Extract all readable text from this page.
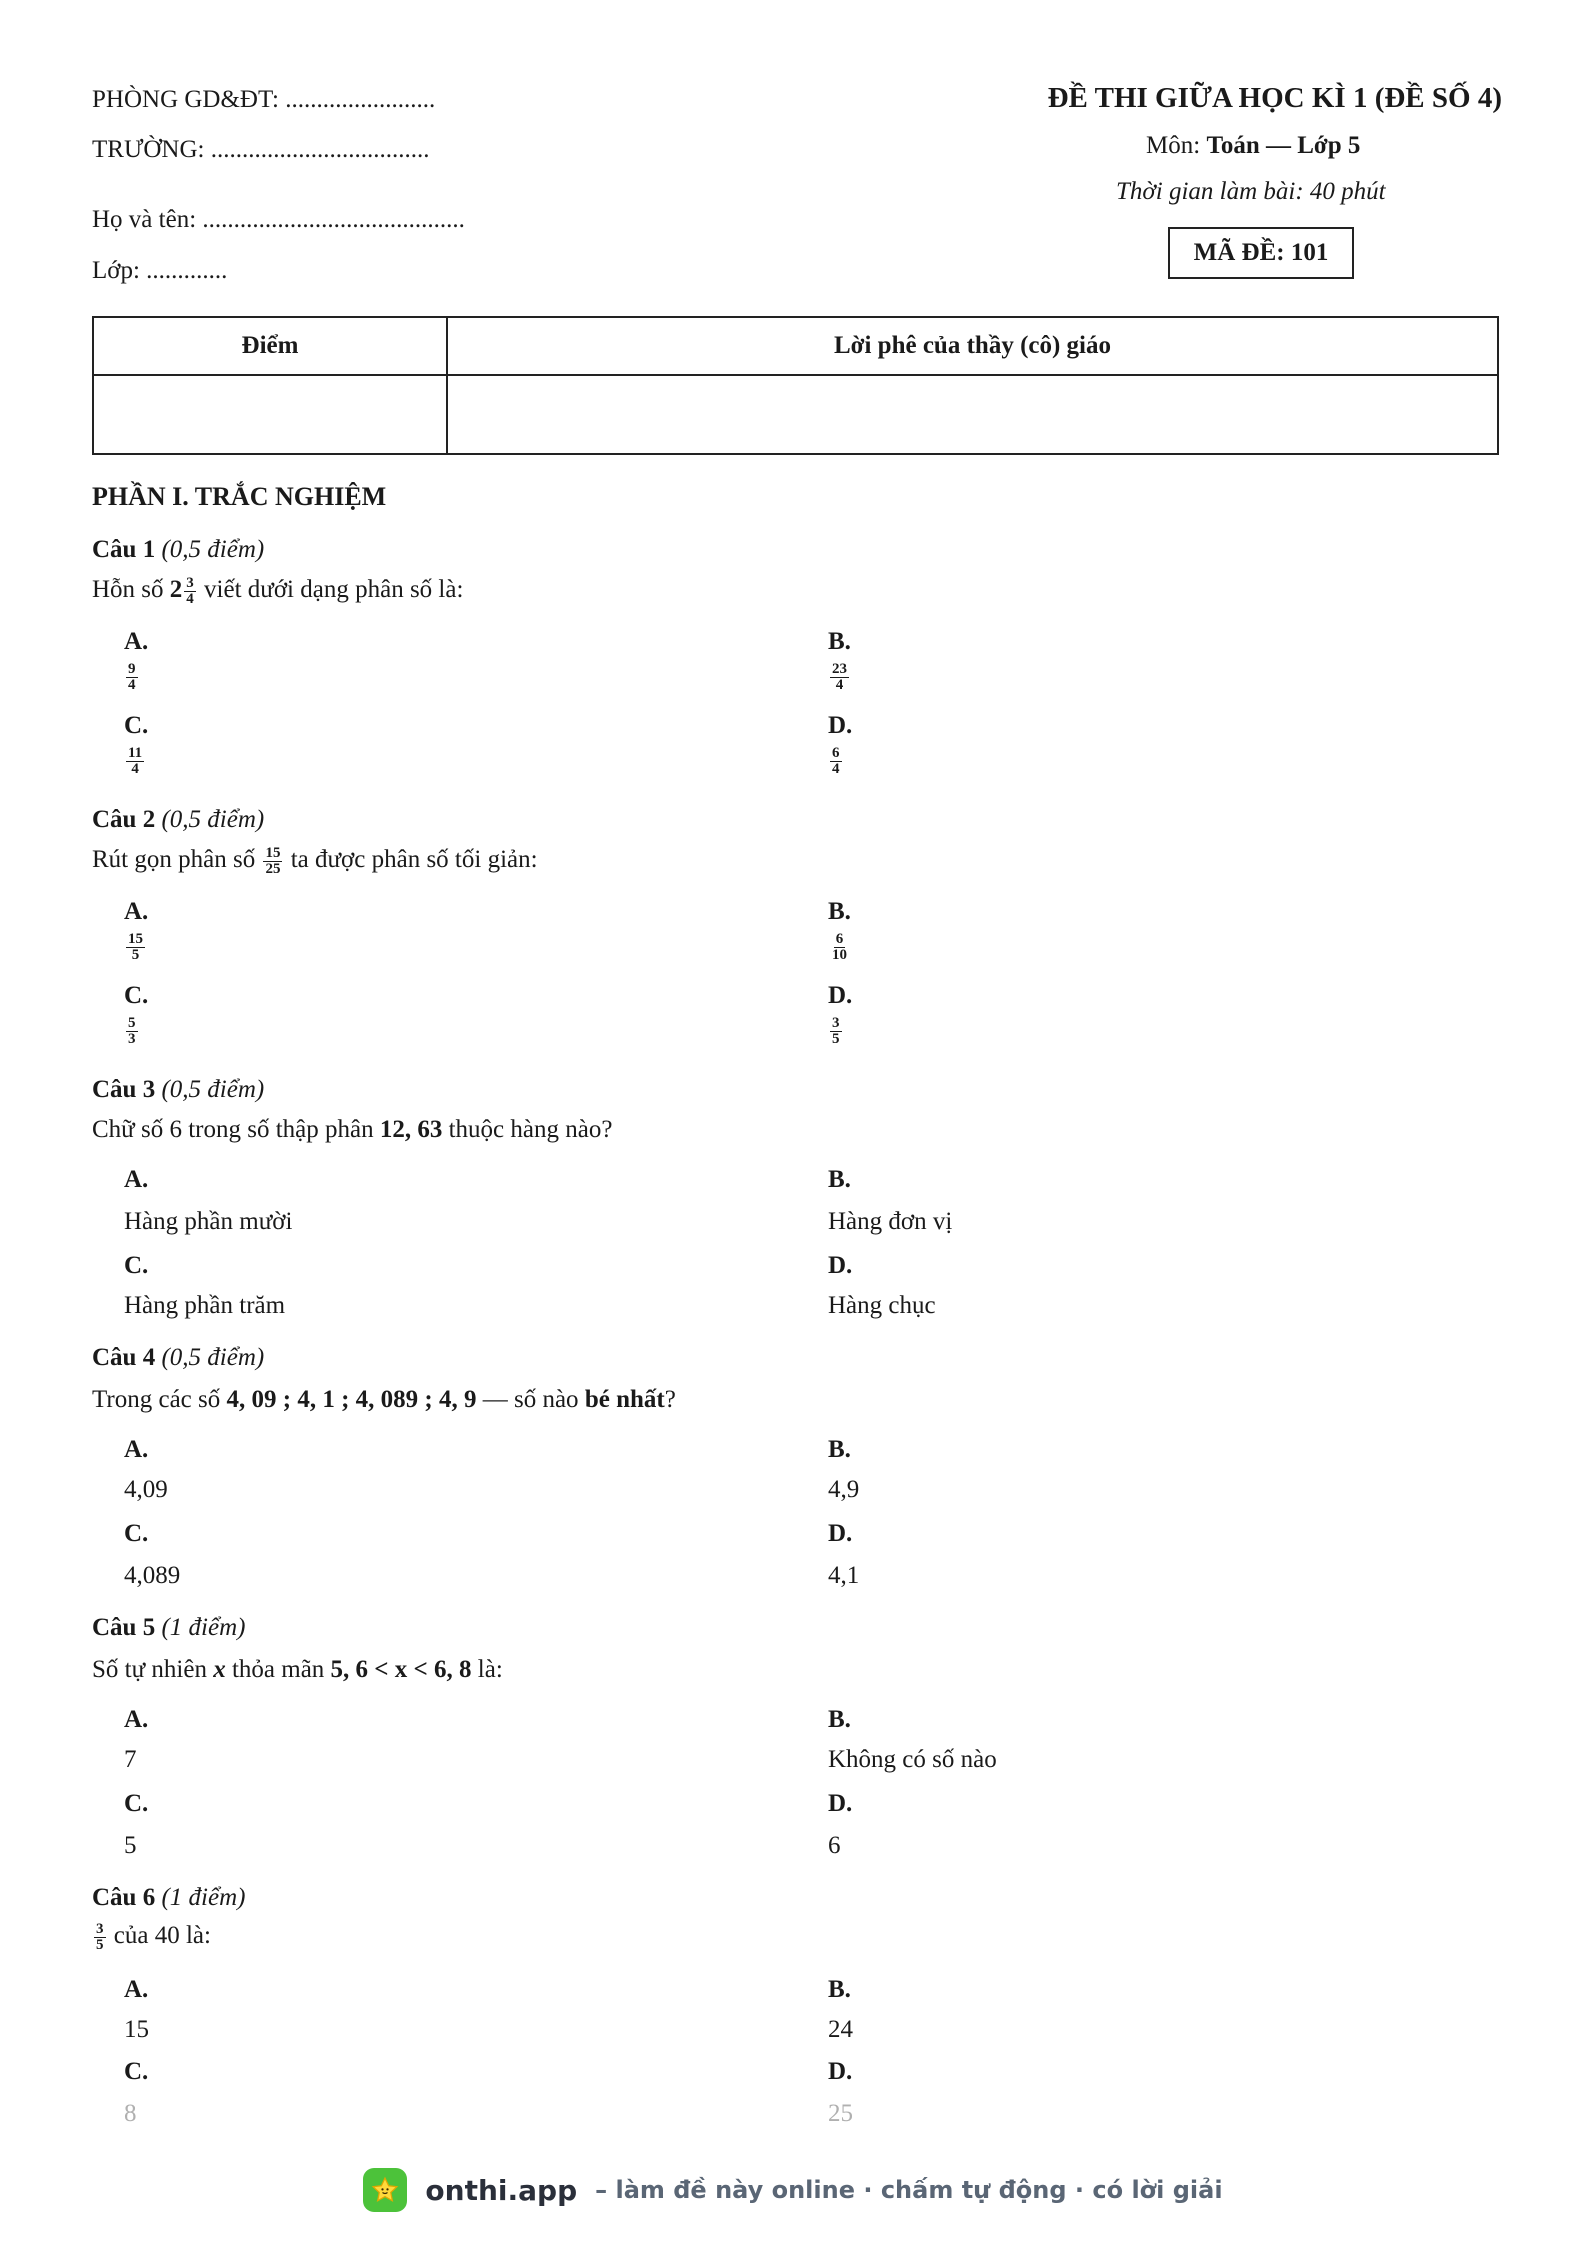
PHÒNG GD&ĐT: ........................
TRƯỜNG: ...................................
Họ và tên: ..........................................
Lớp: .............
ĐỀ THI GIỮA HỌC KÌ 1 (ĐỀ SỐ 4)
Môn: Toán — Lớp 5
Thời gian làm bài: 40 phút
MÃ ĐỀ: 101
Điểm	Lời phê của thầy (cô) giáo

PHẦN I. TRẮC NGHIỆM
Câu 1 (0,5 điểm)
Hỗn số $2 \frac{3}{4}$ viết dưới dạng phân số là:
A.
$\frac{9}{4}$
B.
$\frac{23}{4}$
C.
$\frac{11}{4}$
D.
$\frac{6}{4}$
Câu 2 (0,5 điểm)
Rút gọn phân số $\frac{15}{25}$ ta được phân số tối giản:
A.
$\frac{15}{5}$
B.
$\frac{6}{10}$
C.
$\frac{5}{3}$
D.
$\frac{3}{5}$
Câu 3 (0,5 điểm)
Chữ số 6 trong số thập phân 12, 63 thuộc hàng nào?
A.
Hàng phần mười
B.
Hàng đơn vị
C.
Hàng phần trăm
D.
Hàng chục
Câu 4 (0,5 điểm)
Trong các số 4, 09 ; 4, 1 ; 4, 089 ; 4, 9 — số nào bé nhất?
A.
4,09
B.
4,9
C.
4,089
D.
4,1
Câu 5 (1 điểm)
Số tự nhiên x thỏa mãn 5, 6 < x < 6, 8 là:
A.
7
B.
Không có số nào
C.
5
D.
6
Câu 6 (1 điểm)
$\frac{3}{5}$ của 40 là:
A.
15
B.
24
C.
8
D.
25
onthi.app – làm đề này online · chấm tự động · có lời giải
